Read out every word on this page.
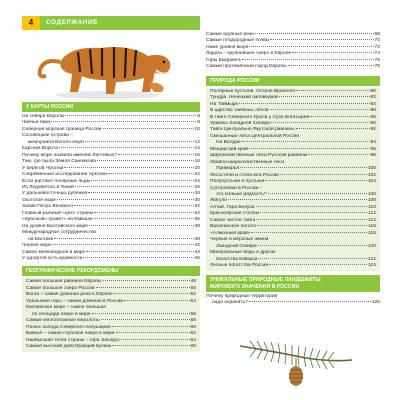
4	СОДЕРЖАНИЕ
У КАРТЫ РОССИИ
На севере Европы	8
Чаячьи пики	8
Северная морская граница России	10
Соловецкие острова –
жемчужина Белого моря	12
Карская Ворота	14
Почему море назвали именем Лаптевых?	16
Там, где была Земля Санникова	18
У берегов Чукотки	20
Современные исследования Арктики	22
Если растают полярные льды	24
Из Ледовитого в Тихий	26
У дальневосточных рубежей	28
Охотское море	30
Залив Петра Великого	32
Главный рыбный «цех» страны	34
«Красный» гранит» на Кавказе	36
На уровне Балтийского моря	38
Международное сотрудничество
на Балтике	40
Черное море	42
Самое мелководное в мире	44
У курортов есть крайности	46
ГЕОГРАФИЧЕСКИЕ РЕКОРДСМЕНЫ
Самая большая равнина Европы	48
Самое большое озеро России	50
Волга – самая длинная река в Европе	52
Уральские горы – самая длинная в России	54
Каспийское море – самое большое
по площади озеро в мире	56
Самые многоэтажные мерзлоты	58
Полюс холода Северного полушария	60
Байкал – самое глубокое озеро в мире	62
Наивысшая точка страны – гора Эльбрус	64
Самый высокий действующий вулкан	66
Самые крупные реки	68
Самые плодородные почвы	70
Ниже уровня моря	72
Ладога – крупнейшее озеро в Европе	74
Горы Бырранга	76
Самый протяжённый город Европы	78
ПРИРОДА РОССИИ
Полярные пустыни. Остров Врангеля	80
Тундра. Ненецкий заповедник	82
На Таймыре	84
В царстве таёжных лесов	86
В тайге Северного Урала у Сухи Богатырей	88
Урманы Западной Сибири	90
Тайга Центрально-Якутской равнины	92
Смешанные леса Центральной России
На Валдае	94
Мещерский край	96
Широколиственные леса Русской равнины	98
Хвойно-широколиственные леса
Приморья	100
Лесостепи и степи юга России	102
Полупустыни и пустыни	104
Субтропики в России –
это больше редкость?	106
Жигули	108
Алтай. Гора Белуха	110
Красноярские столбы	112
Самое чистое тайга	114
Васюганское болото	116
«Алмазный край»	118
Черные и мерзлые земли
Западной Сибири	120
Минеральные воды и другие
богатства Кавказа	122
Лесные богатства России	124
УНИКАЛЬНЫЕ ПРИРОДНЫЕ ЛАНДШАФТЫ
МИРОВОГО ЗНАЧЕНИЯ В РОССИИ
Почему природные территории
надо охранять?	126
